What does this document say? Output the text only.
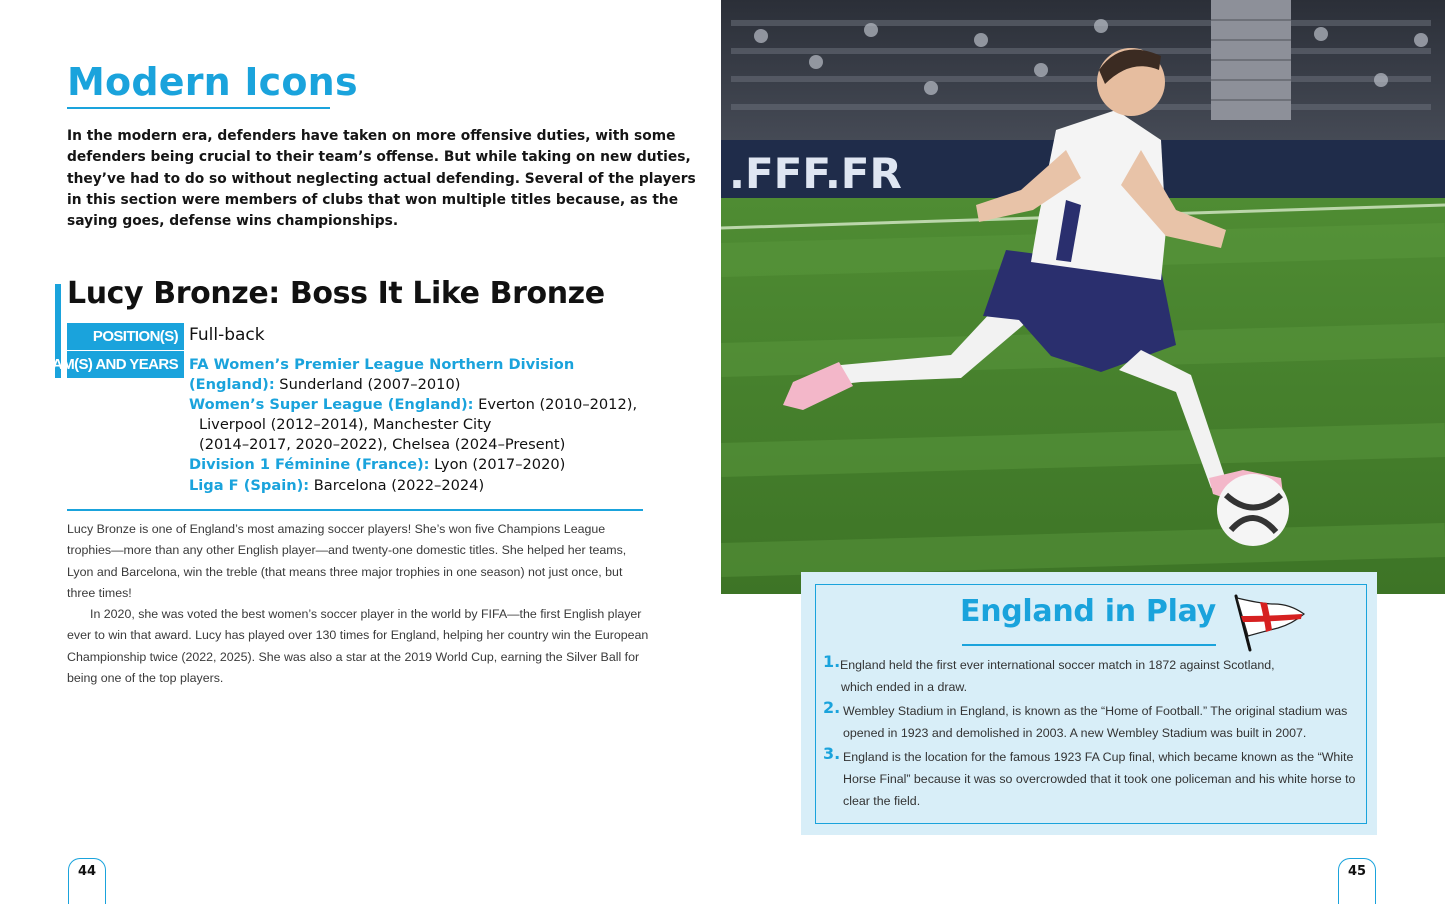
Modern Icons
In the modern era, defenders have taken on more offensive duties, with some
defenders being crucial to their team’s offense. But while taking on new duties,
they’ve had to do so without neglecting actual defending. Several of the players
in this section were members of clubs that won multiple titles because, as the
saying goes, defense wins championships.
Lucy Bronze: Boss It Like Bronze
POSITION(S) Full-back
TEAM(S) AND YEARS FA Women’s Premier League Northern Division
(England): Sunderland (2007–2010)
Women’s Super League (England): Everton (2010–2012),
Liverpool (2012–2014), Manchester City
(2014–2017, 2020–2022), Chelsea (2024–Present)
Division 1 Féminine (France): Lyon (2017–2020)
Liga F (Spain): Barcelona (2022–2024)
Lucy Bronze is one of England’s most amazing soccer players! She’s won five Champions League
trophies—more than any other English player—and twenty-one domestic titles. She helped her teams,
Lyon and Barcelona, win the treble (that means three major trophies in one season) not just once, but
three times!
In 2020, she was voted the best women’s soccer player in the world by FIFA—the first English player
ever to win that award. Lucy has played over 130 times for England, helping her country win the European
Championship twice (2022, 2025). She was also a star at the 2019 World Cup, earning the Silver Ball for
being one of the top players.
44
.FFF.FR
England in Play
1. England held the first ever international soccer match in 1872 against Scotland,
which ended in a draw.
2. Wembley Stadium in England, is known as the “Home of Football.” The original stadium was
opened in 1923 and demolished in 2003. A new Wembley Stadium was built in 2007.
3. England is the location for the famous 1923 FA Cup final, which became known as the “White
Horse Final” because it was so overcrowded that it took one policeman and his white horse to
clear the field.
45
